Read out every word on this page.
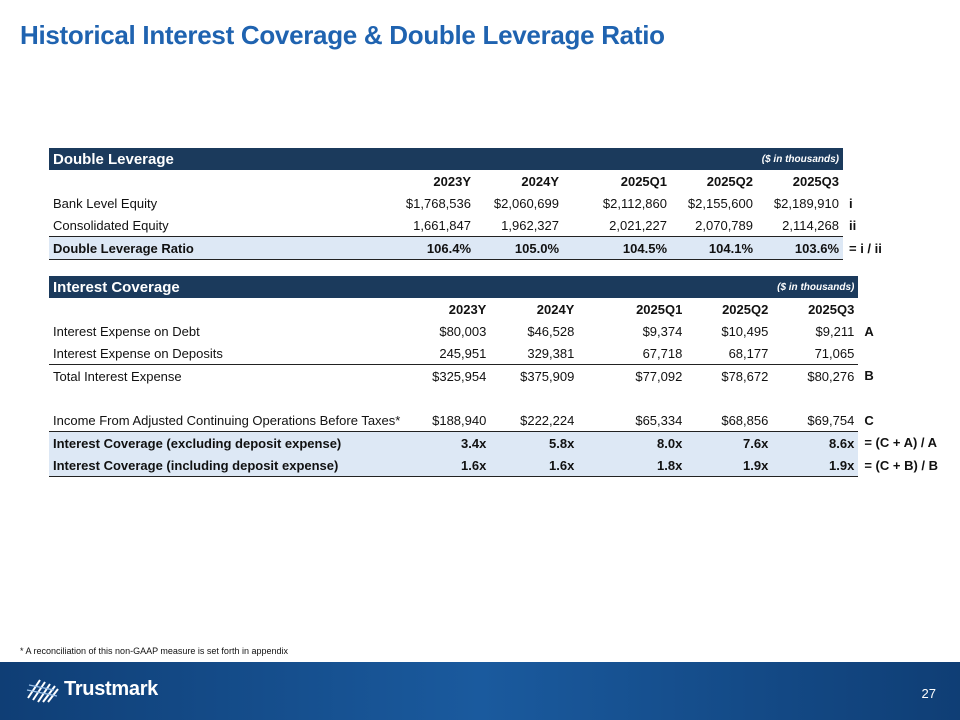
Historical Interest Coverage & Double Leverage Ratio
Double Leverage					($ in thousands)		
	2023Y	2024Y		2025Q1	2025Q2	2025Q3	
Bank Level Equity	$1,768,536	$2,060,699		$2,112,860	$2,155,600	$2,189,910	i
Consolidated Equity	1,661,847	1,962,327		2,021,227	2,070,789	2,114,268	ii
Double Leverage Ratio	106.4%	105.0%		104.5%	104.1%	103.6%	= i / ii
Interest Coverage					($ in thousands)		
	2023Y	2024Y		2025Q1	2025Q2	2025Q3	
Interest Expense on Debt	$80,003	$46,528		$9,374	$10,495	$9,211	A
Interest Expense on Deposits	245,951	329,381		67,718	68,177	71,065	
Total Interest Expense	$325,954	$375,909		$77,092	$78,672	$80,276	B

Income From Adjusted Continuing Operations Before Taxes*	$188,940	$222,224		$65,334	$68,856	$69,754	C
Interest Coverage (excluding deposit expense)	3.4x	5.8x		8.0x	7.6x	8.6x	= (C + A) / A
Interest Coverage (including deposit expense)	1.6x	1.6x		1.8x	1.9x	1.9x	= (C + B) / B
* A reconciliation of this non-GAAP measure is set forth in appendix
Trustmark	27
